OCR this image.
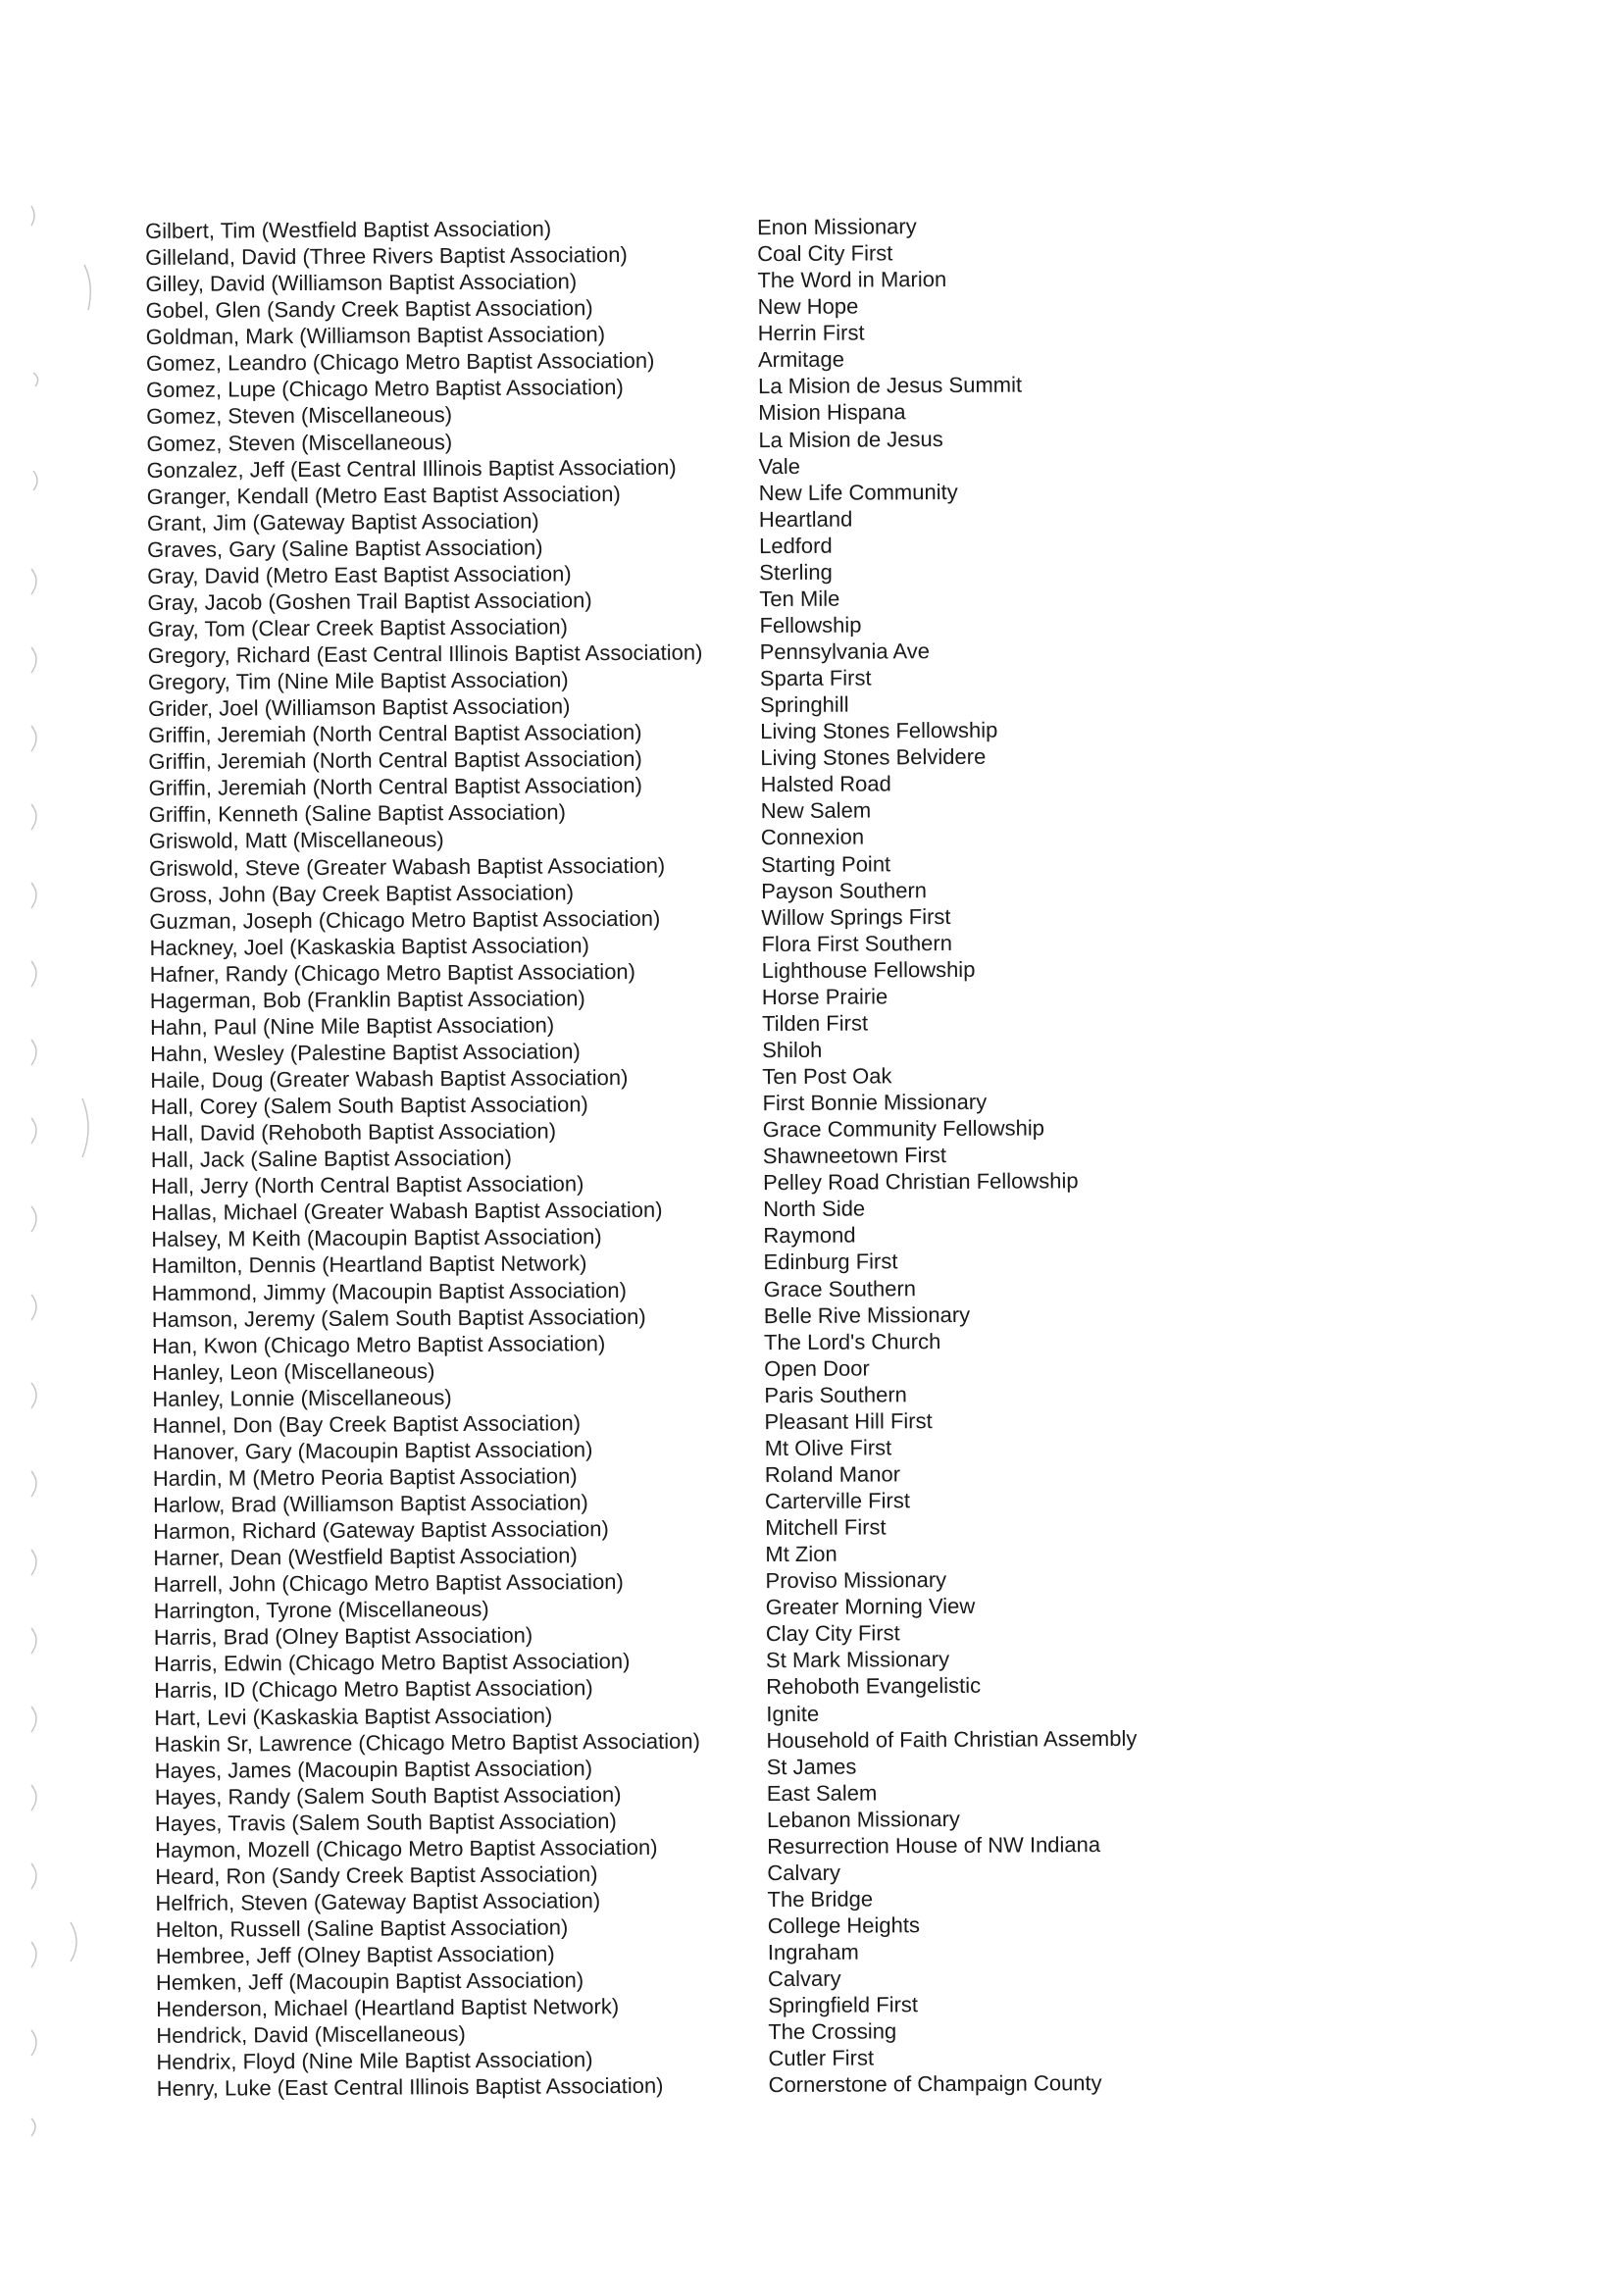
Gilbert, Tim (Westfield Baptist Association)	Enon Missionary
Gilleland, David (Three Rivers Baptist Association)	Coal City First
Gilley, David (Williamson Baptist Association)	The Word in Marion
Gobel, Glen (Sandy Creek Baptist Association)	New Hope
Goldman, Mark (Williamson Baptist Association)	Herrin First
Gomez, Leandro (Chicago Metro Baptist Association)	Armitage
Gomez, Lupe (Chicago Metro Baptist Association)	La Mision de Jesus Summit
Gomez, Steven (Miscellaneous)	Mision Hispana
Gomez, Steven (Miscellaneous)	La Mision de Jesus
Gonzalez, Jeff (East Central Illinois Baptist Association)	Vale
Granger, Kendall (Metro East Baptist Association)	New Life Community
Grant, Jim (Gateway Baptist Association)	Heartland
Graves, Gary (Saline Baptist Association)	Ledford
Gray, David (Metro East Baptist Association)	Sterling
Gray, Jacob (Goshen Trail Baptist Association)	Ten Mile
Gray, Tom (Clear Creek Baptist Association)	Fellowship
Gregory, Richard (East Central Illinois Baptist Association)	Pennsylvania Ave
Gregory, Tim (Nine Mile Baptist Association)	Sparta First
Grider, Joel (Williamson Baptist Association)	Springhill
Griffin, Jeremiah (North Central Baptist Association)	Living Stones Fellowship
Griffin, Jeremiah (North Central Baptist Association)	Living Stones Belvidere
Griffin, Jeremiah (North Central Baptist Association)	Halsted Road
Griffin, Kenneth (Saline Baptist Association)	New Salem
Griswold, Matt (Miscellaneous)	Connexion
Griswold, Steve (Greater Wabash Baptist Association)	Starting Point
Gross, John (Bay Creek Baptist Association)	Payson Southern
Guzman, Joseph (Chicago Metro Baptist Association)	Willow Springs First
Hackney, Joel (Kaskaskia Baptist Association)	Flora First Southern
Hafner, Randy (Chicago Metro Baptist Association)	Lighthouse Fellowship
Hagerman, Bob (Franklin Baptist Association)	Horse Prairie
Hahn, Paul (Nine Mile Baptist Association)	Tilden First
Hahn, Wesley (Palestine Baptist Association)	Shiloh
Haile, Doug (Greater Wabash Baptist Association)	Ten Post Oak
Hall, Corey (Salem South Baptist Association)	First Bonnie Missionary
Hall, David (Rehoboth Baptist Association)	Grace Community Fellowship
Hall, Jack (Saline Baptist Association)	Shawneetown First
Hall, Jerry (North Central Baptist Association)	Pelley Road Christian Fellowship
Hallas, Michael (Greater Wabash Baptist Association)	North Side
Halsey, M Keith (Macoupin Baptist Association)	Raymond
Hamilton, Dennis (Heartland Baptist Network)	Edinburg First
Hammond, Jimmy (Macoupin Baptist Association)	Grace Southern
Hamson, Jeremy (Salem South Baptist Association)	Belle Rive Missionary
Han, Kwon (Chicago Metro Baptist Association)	The Lord's Church
Hanley, Leon (Miscellaneous)	Open Door
Hanley, Lonnie (Miscellaneous)	Paris Southern
Hannel, Don (Bay Creek Baptist Association)	Pleasant Hill First
Hanover, Gary (Macoupin Baptist Association)	Mt Olive First
Hardin, M (Metro Peoria Baptist Association)	Roland Manor
Harlow, Brad (Williamson Baptist Association)	Carterville First
Harmon, Richard (Gateway Baptist Association)	Mitchell First
Harner, Dean (Westfield Baptist Association)	Mt Zion
Harrell, John (Chicago Metro Baptist Association)	Proviso Missionary
Harrington, Tyrone (Miscellaneous)	Greater Morning View
Harris, Brad (Olney Baptist Association)	Clay City First
Harris, Edwin (Chicago Metro Baptist Association)	St Mark Missionary
Harris, ID (Chicago Metro Baptist Association)	Rehoboth Evangelistic
Hart, Levi (Kaskaskia Baptist Association)	Ignite
Haskin Sr, Lawrence (Chicago Metro Baptist Association)	Household of Faith Christian Assembly
Hayes, James (Macoupin Baptist Association)	St James
Hayes, Randy (Salem South Baptist Association)	East Salem
Hayes, Travis (Salem South Baptist Association)	Lebanon Missionary
Haymon, Mozell (Chicago Metro Baptist Association)	Resurrection House of NW Indiana
Heard, Ron (Sandy Creek Baptist Association)	Calvary
Helfrich, Steven (Gateway Baptist Association)	The Bridge
Helton, Russell (Saline Baptist Association)	College Heights
Hembree, Jeff (Olney Baptist Association)	Ingraham
Hemken, Jeff (Macoupin Baptist Association)	Calvary
Henderson, Michael (Heartland Baptist Network)	Springfield First
Hendrick, David (Miscellaneous)	The Crossing
Hendrix, Floyd (Nine Mile Baptist Association)	Cutler First
Henry, Luke (East Central Illinois Baptist Association)	Cornerstone of Champaign County
